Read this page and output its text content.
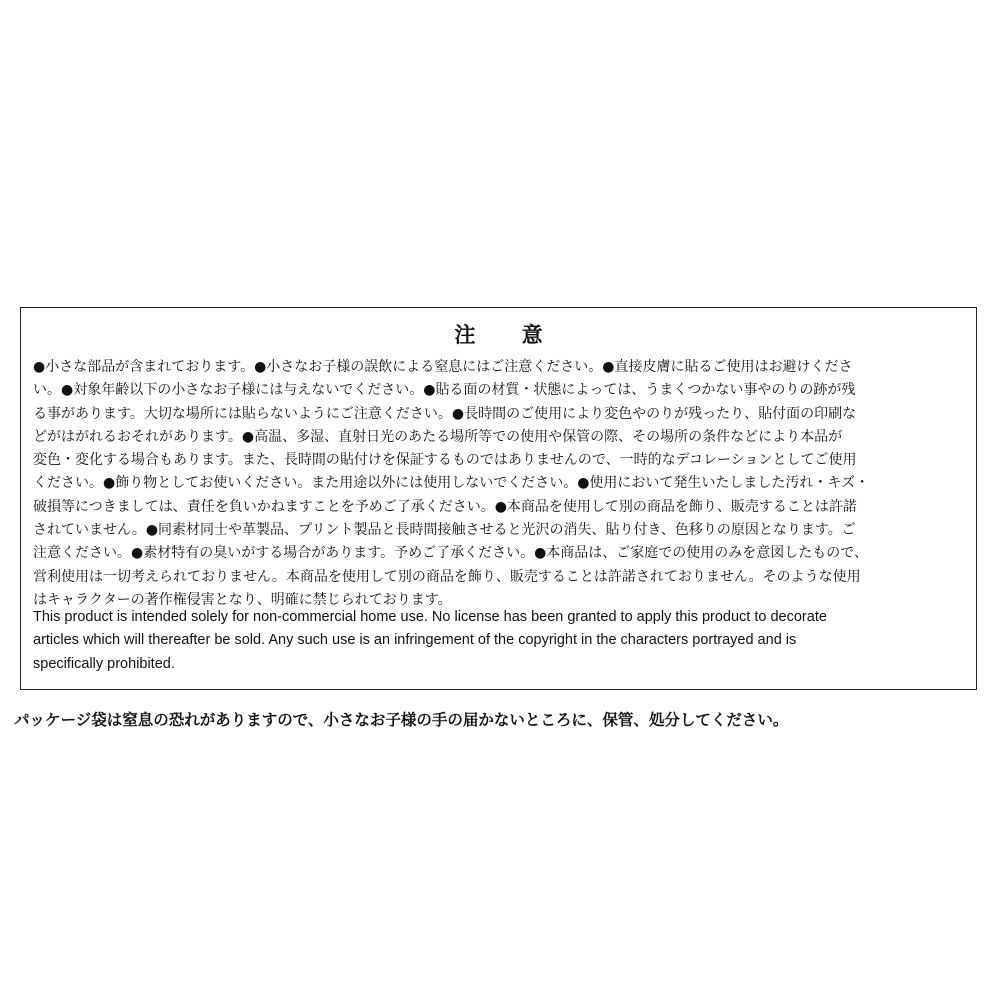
注　意
●小さな部品が含まれております。●小さなお子様の誤飲による窒息にはご注意ください。●直接皮膚に貼るご使用はお避けくださ
い。●対象年齢以下の小さなお子様には与えないでください。●貼る面の材質・状態によっては、うまくつかない事やのりの跡が残
る事があります。大切な場所には貼らないようにご注意ください。●長時間のご使用により変色やのりが残ったり、貼付面の印刷な
どがはがれるおそれがあります。●高温、多湿、直射日光のあたる場所等での使用や保管の際、その場所の条件などにより本品が
変色・変化する場合もあります。また、長時間の貼付けを保証するものではありませんので、一時的なデコレーションとしてご使用
ください。●飾り物としてお使いください。また用途以外には使用しないでください。●使用において発生いたしました汚れ・キズ・
破損等につきましては、責任を負いかねますことを予めご了承ください。●本商品を使用して別の商品を飾り、販売することは許諾
されていません。●同素材同士や革製品、プリント製品と長時間接触させると光沢の消失、貼り付き、色移りの原因となります。ご
注意ください。●素材特有の臭いがする場合があります。予めご了承ください。●本商品は、ご家庭での使用のみを意図したもので、
営利使用は一切考えられておりません。本商品を使用して別の商品を飾り、販売することは許諾されておりません。そのような使用
はキャラクターの著作権侵害となり、明確に禁じられております。
This product is intended solely for non-commercial home use. No license has been granted to apply this product to decorate
articles which will thereafter be sold. Any such use is an infringement of the copyright in the characters portrayed and is
specifically prohibited.
パッケージ袋は窒息の恐れがありますので、小さなお子様の手の届かないところに、保管、処分してください。
